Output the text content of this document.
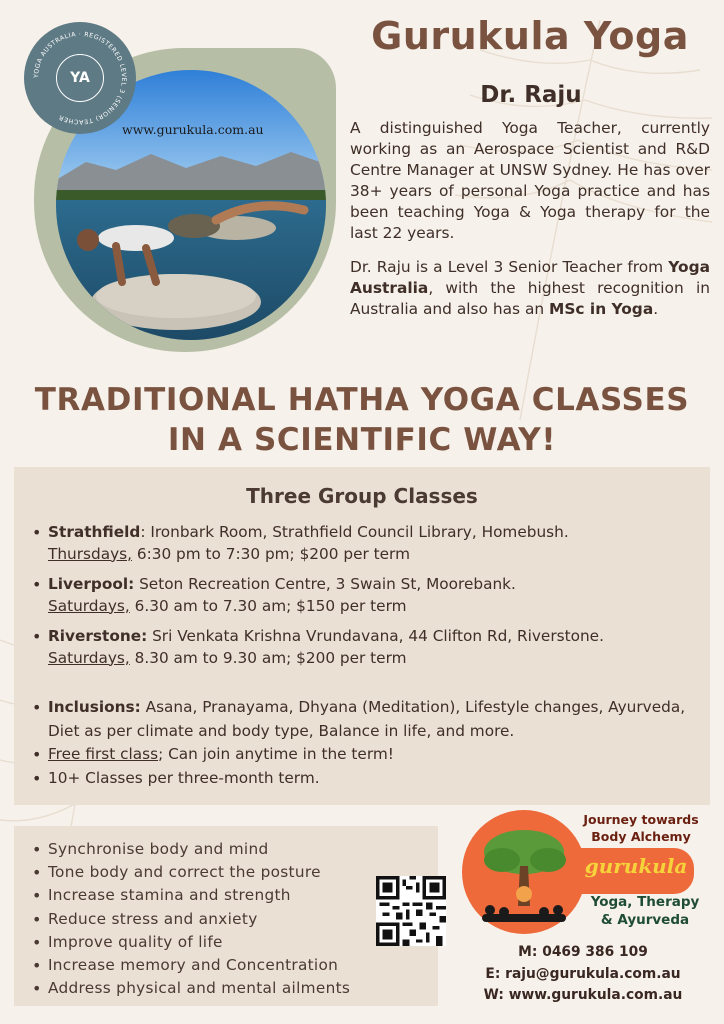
www.gurukula.com.au
YOGA AUSTRALIA · REGISTERED LEVEL 3 (SENIOR) TEACHER
YA
Gurukula Yoga
Dr. Raju

A distinguished Yoga Teacher, currently working as an Aerospace Scientist and R&D Centre Manager at UNSW Sydney. He has over 38+ years of personal Yoga practice and has been teaching Yoga & Yoga therapy for the last 22 years.

Dr. Raju is a Level 3 Senior Teacher from Yoga Australia, with the highest recognition in Australia and also has an MSc in Yoga.

TRADITIONAL HATHA YOGA CLASSES
IN A SCIENTIFIC WAY!
Three Group Classes
• Strathfield: Ironbark Room, Strathfield Council Library, Homebush.
Thursdays, 6:30 pm to 7:30 pm; $200 per term
• Liverpool: Seton Recreation Centre, 3 Swain St, Moorebank.
Saturdays, 6.30 am to 7.30 am; $150 per term
• Riverstone: Sri Venkata Krishna Vrundavana, 44 Clifton Rd, Riverstone.
Saturdays, 8.30 am to 9.30 am; $200 per term
• Inclusions: Asana, Pranayama, Dhyana (Meditation), Lifestyle changes, Ayurveda, Diet as per climate and body type, Balance in life, and more.
• Free first class; Can join anytime in the term!
• 10+ Classes per three-month term.
• Synchronise body and mind
• Tone body and correct the posture
• Increase stamina and strength
• Reduce stress and anxiety
• Improve quality of life
• Increase memory and Concentration
• Address physical and mental ailments
gurukula
Journey towards
Body Alchemy
Yoga, Therapy
& Ayurveda
M: 0469 386 109
E: raju@gurukula.com.au
W: www.gurukula.com.au
